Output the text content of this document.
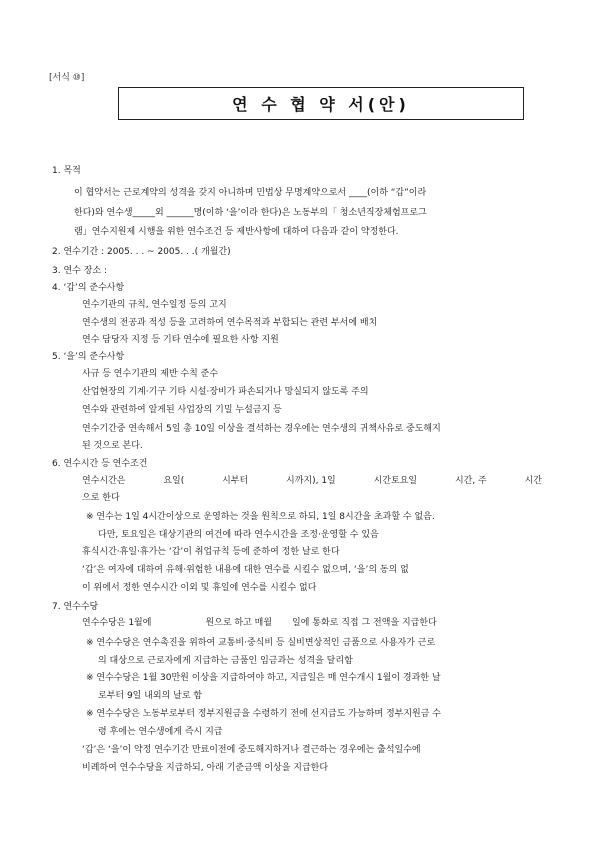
[서식 ⑩]
연 수 협 약 서(안)
1. 목적
이 협약서는 근로계약의 성격을 갖지 아니하며 민법상 무명계약으로서 ____(이하 “갑”이라
한다)와 연수생_____외 ______명(이하 ‘을’이라 한다)은 노동부의「 청소년직장체험프로그
램」연수지원제 시행을 위한 연수조건 등 제반사항에 대하여 다음과 같이 약정한다.
2. 연수기간 : 2005. . . ~ 2005. . .( 개월간)
3. 연수 장소 :
4. ‘갑’의 준수사항
연수기관의 규칙, 연수일정 등의 고지
연수생의 전공과 적성 등을 고려하여 연수목적과 부합되는 관련 부서에 배치
연수 담당자 지정 등 기타 연수에 필요한 사항 지원
5. ‘을’의 준수사항
사규 등 연수기관의 제반 수칙 준수
산업현장의 기계·기구 기타 시설·장비가 파손되거나 망실되지 않도록 주의
연수와 관련하여 알게된 사업장의 기밀 누설금지 등
연수기간중 연속해서 5일 총 10일 이상을 결석하는 경우에는 연수생의 귀책사유로 중도해지
된 것으로 본다.
6. 연수시간 등 연수조건
연수시간은	요일(	시부터	시까지), 1일	시간토요일	시간, 주	시간
으로 한다
※ 연수는 1일 4시간이상으로 운영하는 것을 원칙으로 하되, 1일 8시간을 초과할 수 없음.
다만, 토요일은 대상기관의 여건에 따라 연수시간을 조정·운영할 수 있음
휴식시간·휴일·휴가는 ‘갑’이 취업규칙 등에 준하여 정한 날로 한다
‘갑’은 여자에 대하여 유해·위험한 내용에 대한 연수를 시킬수 없으며, ‘을’의 동의 없
이 위에서 정한 연수시간 이외 및 휴일에 연수를 시킬수 없다
7. 연수수당
연수수당은 1월에	원으로 하고 매월 일에 통화로 직접 그 전액을 지급한다
※ 연수수당은 연수촉진을 위하여 교통비·중식비 등 실비변상적인 금품으로 사용자가 근로
의 대상으로 근로자에게 지급하는 금품인 임금과는 성격을 달리함
※ 연수수당은 1월 30만원 이상을 지급하여야 하고, 지급일은 매 연수개시 1월이 경과한 날
로부터 9일 내외의 날로 함
※ 연수수당은 노동부로부터 정부지원금을 수령하기 전에 선지급도 가능하며 정부지원금 수
령 후에는 연수생에게 즉시 지급
‘갑’은 ‘을’이 약정 연수기간 만료이전에 중도해지하거나 결근하는 경우에는 출석일수에
비례하여 연수수당을 지급하되, 아래 기준금액 이상을 지급한다
